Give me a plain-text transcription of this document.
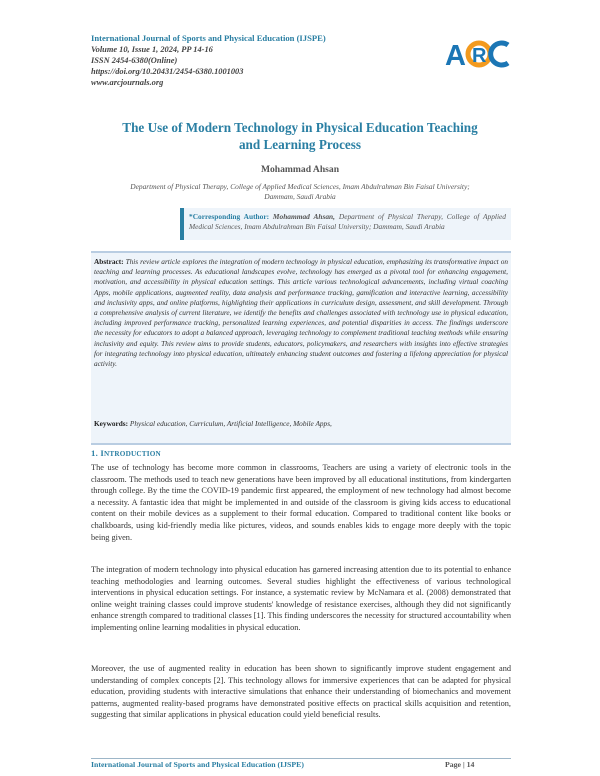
International Journal of Sports and Physical Education (IJSPE)
Volume 10, Issue 1, 2024, PP 14-16
ISSN 2454-6380(Online)
https://doi.org/10.20431/2454-6380.1001003
www.arcjournals.org
A R
The Use of Modern Technology in Physical Education Teaching
and Learning Process
Mohammad Ahsan
Department of Physical Therapy, College of Applied Medical Sciences, Imam Abdulrahman Bin Faisal University; Dammam, Saudi Arabia
*Corresponding Author: Mohammad Ahsan, Department of Physical Therapy, College of Applied Medical Sciences, Imam Abdulrahman Bin Faisal University; Dammam, Saudi Arabia
Abstract: This review article explores the integration of modern technology in physical education, emphasizing its transformative impact on teaching and learning processes. As educational landscapes evolve, technology has emerged as a pivotal tool for enhancing engagement, motivation, and accessibility in physical education settings. This article various technological advancements, including virtual coaching Apps, mobile applications, augmented reality, data analysis and performance tracking, gamification and interactive learning, accessibility and inclusivity apps, and online platforms, highlighting their applications in curriculum design, assessment, and skill development. Through a comprehensive analysis of current literature, we identify the benefits and challenges associated with technology use in physical education, including improved performance tracking, personalized learning experiences, and potential disparities in access. The findings underscore the necessity for educators to adopt a balanced approach, leveraging technology to complement traditional teaching methods while ensuring inclusivity and equity. This review aims to provide students, educators, policymakers, and researchers with insights into effective strategies for integrating technology into physical education, ultimately enhancing student outcomes and fostering a lifelong appreciation for physical activity.
Keywords: Physical education, Curriculum, Artificial Intelligence, Mobile Apps,
1. INTRODUCTION

The use of technology has become more common in classrooms, Teachers are using a variety of electronic tools in the classroom. The methods used to teach new generations have been improved by all educational institutions, from kindergarten through college. By the time the COVID-19 pandemic first appeared, the employment of new technology had almost become a necessity. A fantastic idea that might be implemented in and outside of the classroom is giving kids access to educational content on their mobile devices as a supplement to their formal education. Compared to traditional content like books or chalkboards, using kid-friendly media like pictures, videos, and sounds enables kids to engage more deeply with the topic being given.

The integration of modern technology into physical education has garnered increasing attention due to its potential to enhance teaching methodologies and learning outcomes. Several studies highlight the effectiveness of various technological interventions in physical education settings. For instance, a systematic review by McNamara et al. (2008) demonstrated that online weight training classes could improve students' knowledge of resistance exercises, although they did not significantly enhance strength compared to traditional classes [1]. This finding underscores the necessity for structured accountability when implementing online learning modalities in physical education.

Moreover, the use of augmented reality in education has been shown to significantly improve student engagement and understanding of complex concepts [2]. This technology allows for immersive experiences that can be adapted for physical education, providing students with interactive simulations that enhance their understanding of biomechanics and movement patterns, augmented reality-based programs have demonstrated positive effects on practical skills acquisition and retention, suggesting that similar applications in physical education could yield beneficial results.

International Journal of Sports and Physical Education (IJSPE)	Page | 14
